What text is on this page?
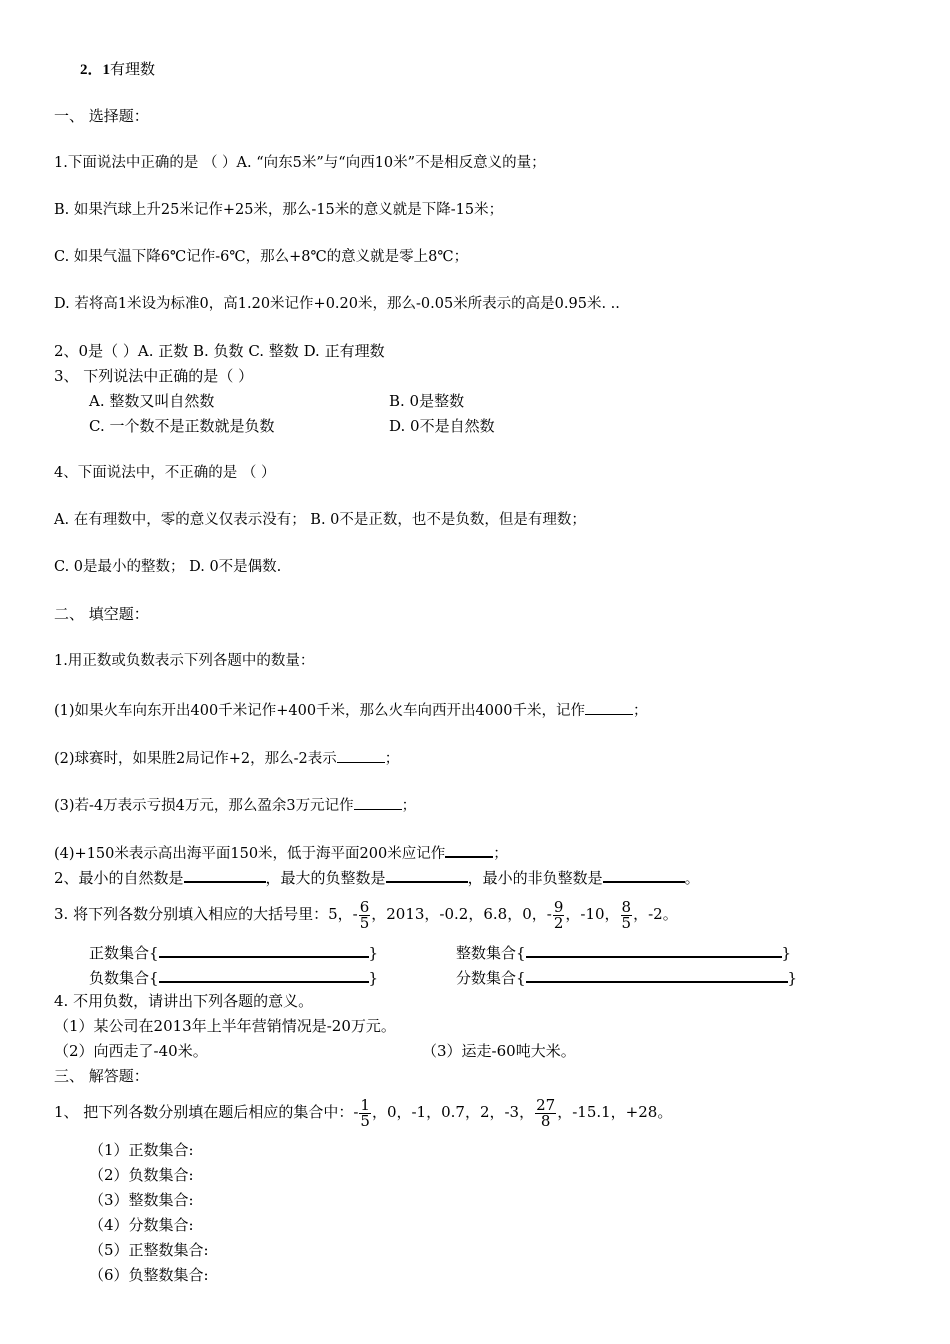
2．1有理数
一、 选择题：
1.下面说法中正确的是 （ ）A. “向东5米”与“向西10米”不是相反意义的量；
B. 如果汽球上升25米记作+25米，那么-15米的意义就是下降-15米；
C. 如果气温下降6℃记作-6℃，那么+8℃的意义就是零上8℃；
D. 若将高1米设为标准0，高1.20米记作+0.20米，那么-0.05米所表示的高是0.95米. ..
2、0是（ ）A. 正数 B. 负数 C. 整数 D. 正有理数
3、 下列说法中正确的是（ ）
A. 整数又叫自然数	B. 0是整数
C. 一个数不是正数就是负数	D. 0不是自然数
4、下面说法中，不正确的是 （ ）
A. 在有理数中，零的意义仅表示没有； B. 0不是正数，也不是负数，但是有理数；
C. 0是最小的整数； D. 0不是偶数.
二、 填空题：
1.用正数或负数表示下列各题中的数量：
(1)如果火车向东开出400千米记作+400千米，那么火车向西开出4000千米，记作	；
(2)球赛时，如果胜2局记作+2，那么-2表示	；
(3)若-4万表示亏损4万元，那么盈余3万元记作	；
(4)+150米表示高出海平面150米，低于海平面200米应记作	；
2、最小的自然数是	，最大的负整数是	，最小的非负整数是	。
3. 将下列各数分别填入相应的大括号里：5，- $\frac{6}{5}$ ，2013，-0.2，6.8，0，- $\frac{9}{2}$ ，-10， $\frac{8}{5}$ ，-2。
正数集合{	}	整数集合{	}
负数集合{	}	分数集合{	}
4. 不用负数，请讲出下列各题的意义。
（1）某公司在2013年上半年营销情况是-20万元。
（2）向西走了-40米。	（3）运走-60吨大米。
三、 解答题：
1、 把下列各数分别填在题后相应的集合中：- $\frac{1}{5}$ ，0，-1，0.7，2，-3， $\frac{27}{8}$ ，-15.1，+28。
（1）正数集合:
（2）负数集合:
（3）整数集合:
（4）分数集合:
（5）正整数集合:
（6）负整数集合:
